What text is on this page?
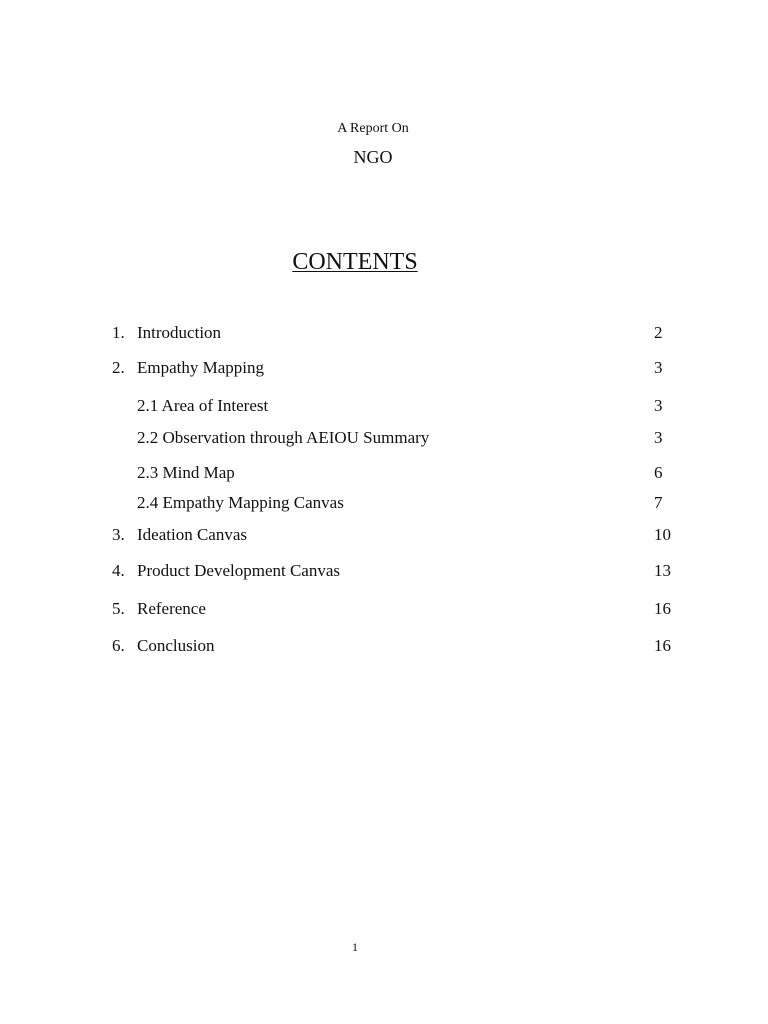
A Report On
NGO
CONTENTS
1. Introduction	2
2. Empathy Mapping	3
2.1 Area of Interest	3
2.2 Observation through AEIOU Summary	3
2.3 Mind Map	6
2.4 Empathy Mapping Canvas	7
3. Ideation Canvas	10
4. Product Development Canvas	13
5. Reference	16
6. Conclusion	16
1
